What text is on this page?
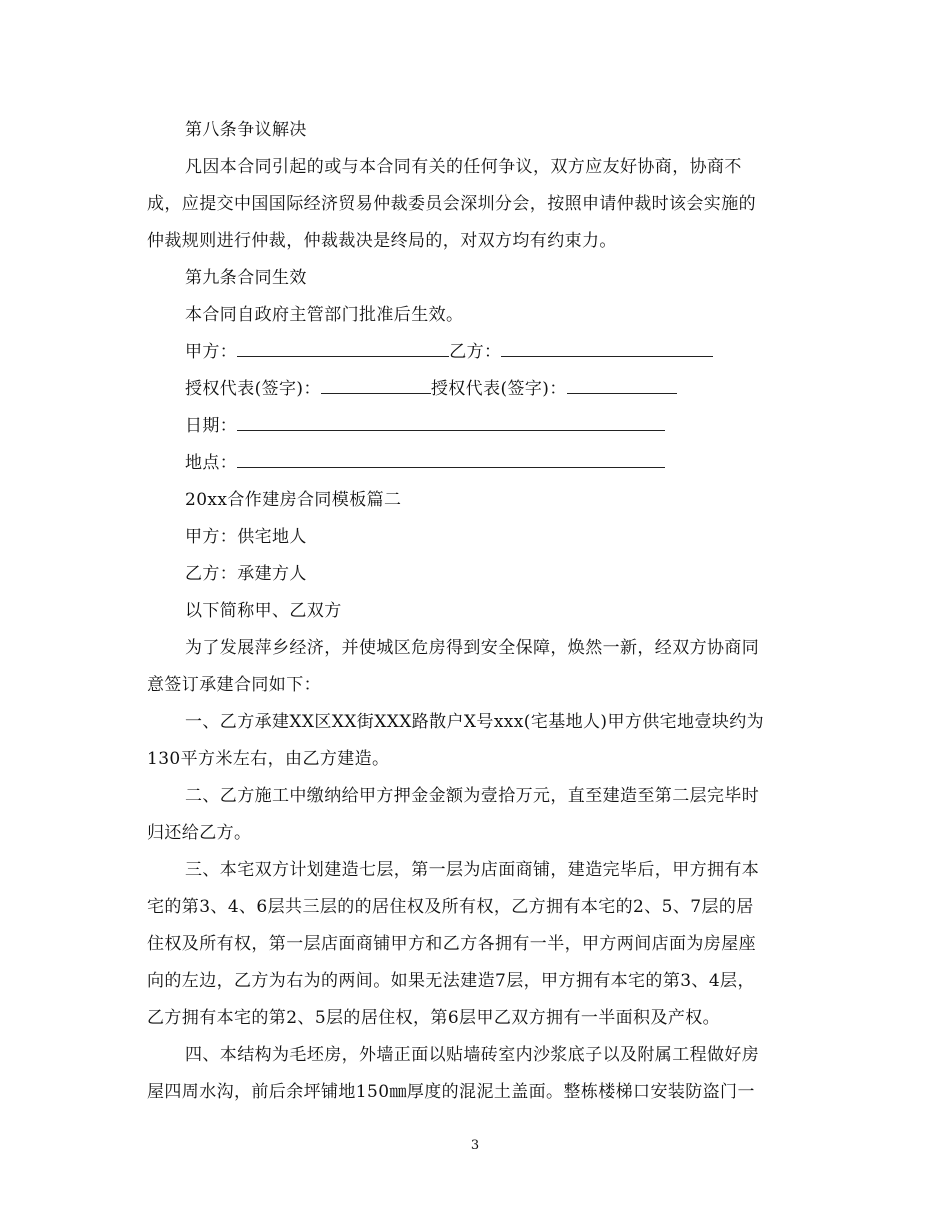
第八条争议解决
凡因本合同引起的或与本合同有关的任何争议，双方应友好协商，协商不
成，应提交中国国际经济贸易仲裁委员会深圳分会，按照申请仲裁时该会实施的
仲裁规则进行仲裁，仲裁裁决是终局的，对双方均有约束力。
第九条合同生效
本合同自政府主管部门批准后生效。
甲方：	乙方：
授权代表(签字)：	授权代表(签字)：
日期：
地点：
20xx合作建房合同模板篇二
甲方：供宅地人
乙方：承建方人
以下简称甲、乙双方
为了发展萍乡经济，并使城区危房得到安全保障，焕然一新，经双方协商同
意签订承建合同如下：
一、乙方承建XX区XX街XXX路散户X号xxx(宅基地人)甲方供宅地壹块约为
130平方米左右，由乙方建造。
二、乙方施工中缴纳给甲方押金金额为壹拾万元，直至建造至第二层完毕时
归还给乙方。
三、本宅双方计划建造七层，第一层为店面商铺，建造完毕后，甲方拥有本
宅的第3、4、6层共三层的的居住权及所有权，乙方拥有本宅的2、5、7层的居
住权及所有权，第一层店面商铺甲方和乙方各拥有一半，甲方两间店面为房屋座
向的左边，乙方为右为的两间。如果无法建造7层，甲方拥有本宅的第3、4层，
乙方拥有本宅的第2、5层的居住权，第6层甲乙双方拥有一半面积及产权。
四、本结构为毛坯房，外墙正面以贴墙砖室内沙浆底子以及附属工程做好房
屋四周水沟，前后余坪铺地150㎜厚度的混泥土盖面。整栋楼梯口安装防盗门一
3
